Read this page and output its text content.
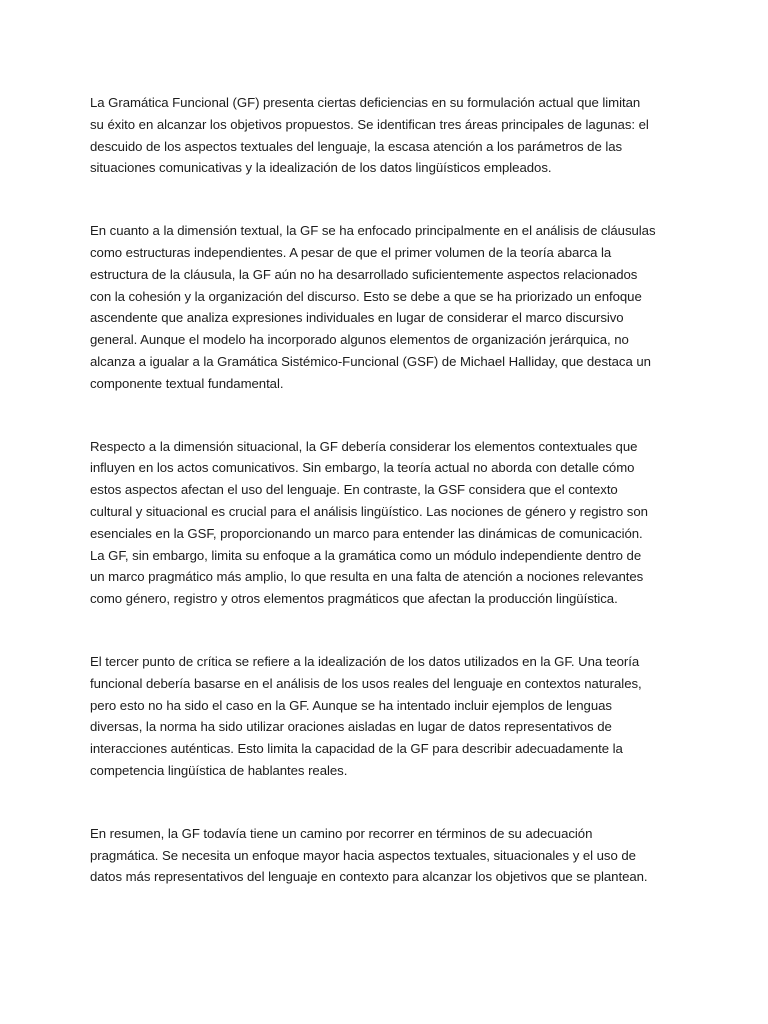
La Gramática Funcional (GF) presenta ciertas deficiencias en su formulación actual que limitan
su éxito en alcanzar los objetivos propuestos. Se identifican tres áreas principales de lagunas: el
descuido de los aspectos textuales del lenguaje, la escasa atención a los parámetros de las
situaciones comunicativas y la idealización de los datos lingüísticos empleados.

En cuanto a la dimensión textual, la GF se ha enfocado principalmente en el análisis de cláusulas
como estructuras independientes. A pesar de que el primer volumen de la teoría abarca la
estructura de la cláusula, la GF aún no ha desarrollado suficientemente aspectos relacionados
con la cohesión y la organización del discurso. Esto se debe a que se ha priorizado un enfoque
ascendente que analiza expresiones individuales en lugar de considerar el marco discursivo
general. Aunque el modelo ha incorporado algunos elementos de organización jerárquica, no
alcanza a igualar a la Gramática Sistémico-Funcional (GSF) de Michael Halliday, que destaca un
componente textual fundamental.

Respecto a la dimensión situacional, la GF debería considerar los elementos contextuales que
influyen en los actos comunicativos. Sin embargo, la teoría actual no aborda con detalle cómo
estos aspectos afectan el uso del lenguaje. En contraste, la GSF considera que el contexto
cultural y situacional es crucial para el análisis lingüístico. Las nociones de género y registro son
esenciales en la GSF, proporcionando un marco para entender las dinámicas de comunicación.
La GF, sin embargo, limita su enfoque a la gramática como un módulo independiente dentro de
un marco pragmático más amplio, lo que resulta en una falta de atención a nociones relevantes
como género, registro y otros elementos pragmáticos que afectan la producción lingüística.

El tercer punto de crítica se refiere a la idealización de los datos utilizados en la GF. Una teoría
funcional debería basarse en el análisis de los usos reales del lenguaje en contextos naturales,
pero esto no ha sido el caso en la GF. Aunque se ha intentado incluir ejemplos de lenguas
diversas, la norma ha sido utilizar oraciones aisladas en lugar de datos representativos de
interacciones auténticas. Esto limita la capacidad de la GF para describir adecuadamente la
competencia lingüística de hablantes reales.

En resumen, la GF todavía tiene un camino por recorrer en términos de su adecuación
pragmática. Se necesita un enfoque mayor hacia aspectos textuales, situacionales y el uso de
datos más representativos del lenguaje en contexto para alcanzar los objetivos que se plantean.
